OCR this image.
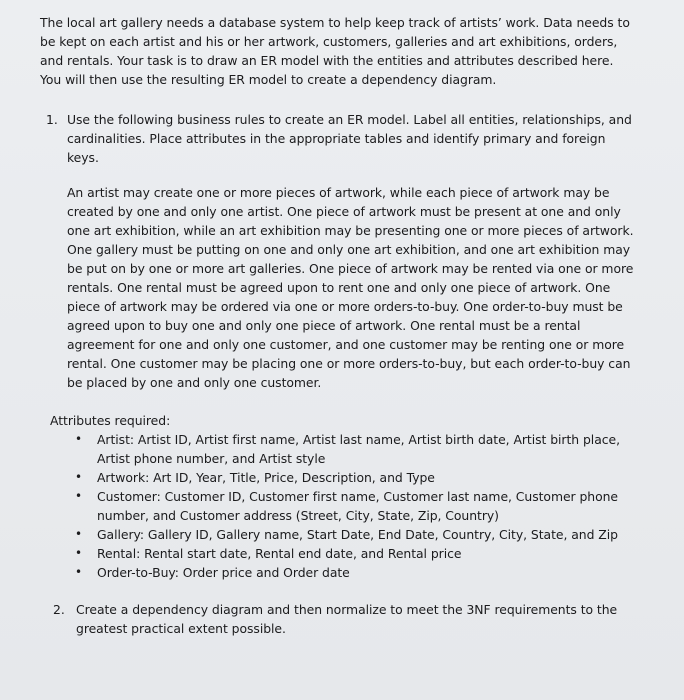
The local art gallery needs a database system to help keep track of artists’ work. Data needs to

be kept on each artist and his or her artwork, customers, galleries and art exhibitions, orders,

and rentals. Your task is to draw an ER model with the entities and attributes described here.

You will then use the resulting ER model to create a dependency diagram.

1. Use the following business rules to create an ER model. Label all entities, relationships, and

cardinalities. Place attributes in the appropriate tables and identify primary and foreign

keys.

An artist may create one or more pieces of artwork, while each piece of artwork may be

created by one and only one artist. One piece of artwork must be present at one and only

one art exhibition, while an art exhibition may be presenting one or more pieces of artwork.

One gallery must be putting on one and only one art exhibition, and one art exhibition may

be put on by one or more art galleries. One piece of artwork may be rented via one or more

rentals. One rental must be agreed upon to rent one and only one piece of artwork. One

piece of artwork may be ordered via one or more orders-to-buy. One order-to-buy must be

agreed upon to buy one and only one piece of artwork. One rental must be a rental

agreement for one and only one customer, and one customer may be renting one or more

rental. One customer may be placing one or more orders-to-buy, but each order-to-buy can

be placed by one and only one customer.

Attributes required:

• Artist: Artist ID, Artist first name, Artist last name, Artist birth date, Artist birth place,

Artist phone number, and Artist style

• Artwork: Art ID, Year, Title, Price, Description, and Type

• Customer: Customer ID, Customer first name, Customer last name, Customer phone

number, and Customer address (Street, City, State, Zip, Country)

• Gallery: Gallery ID, Gallery name, Start Date, End Date, Country, City, State, and Zip

• Rental: Rental start date, Rental end date, and Rental price

• Order-to-Buy: Order price and Order date

2. Create a dependency diagram and then normalize to meet the 3NF requirements to the

greatest practical extent possible.
